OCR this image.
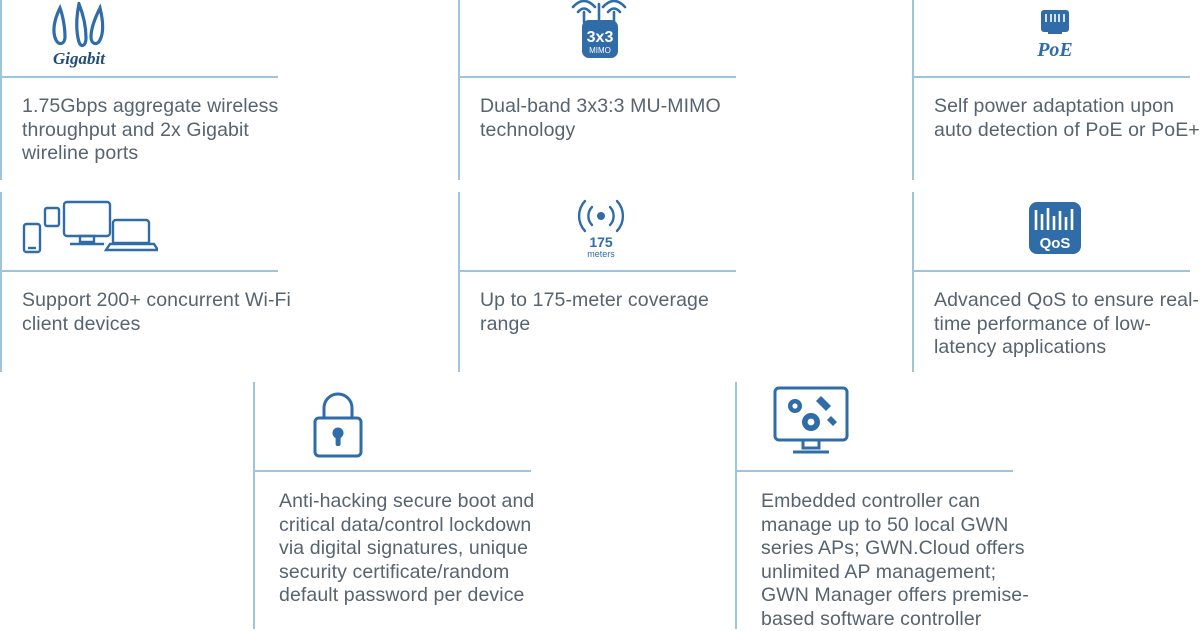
Gigabit
1.75Gbps aggregate wireless throughput and 2x Gigabit wireline ports
3x3
MIMO
Dual-band 3x3:3 MU-MIMO technology
PoE
Self power adaptation upon auto detection of PoE or PoE+
Support 200+ concurrent Wi-Fi client devices
175
meters
Up to 175-meter coverage range
QoS
Advanced QoS to ensure real-time performance of low-latency applications
Anti-hacking secure boot and critical data/control lockdown via digital signatures, unique security certificate/random default password per device
Embedded controller can manage up to 50 local GWN series APs; GWN.Cloud offers unlimited AP management; GWN Manager offers premise-based software controller
